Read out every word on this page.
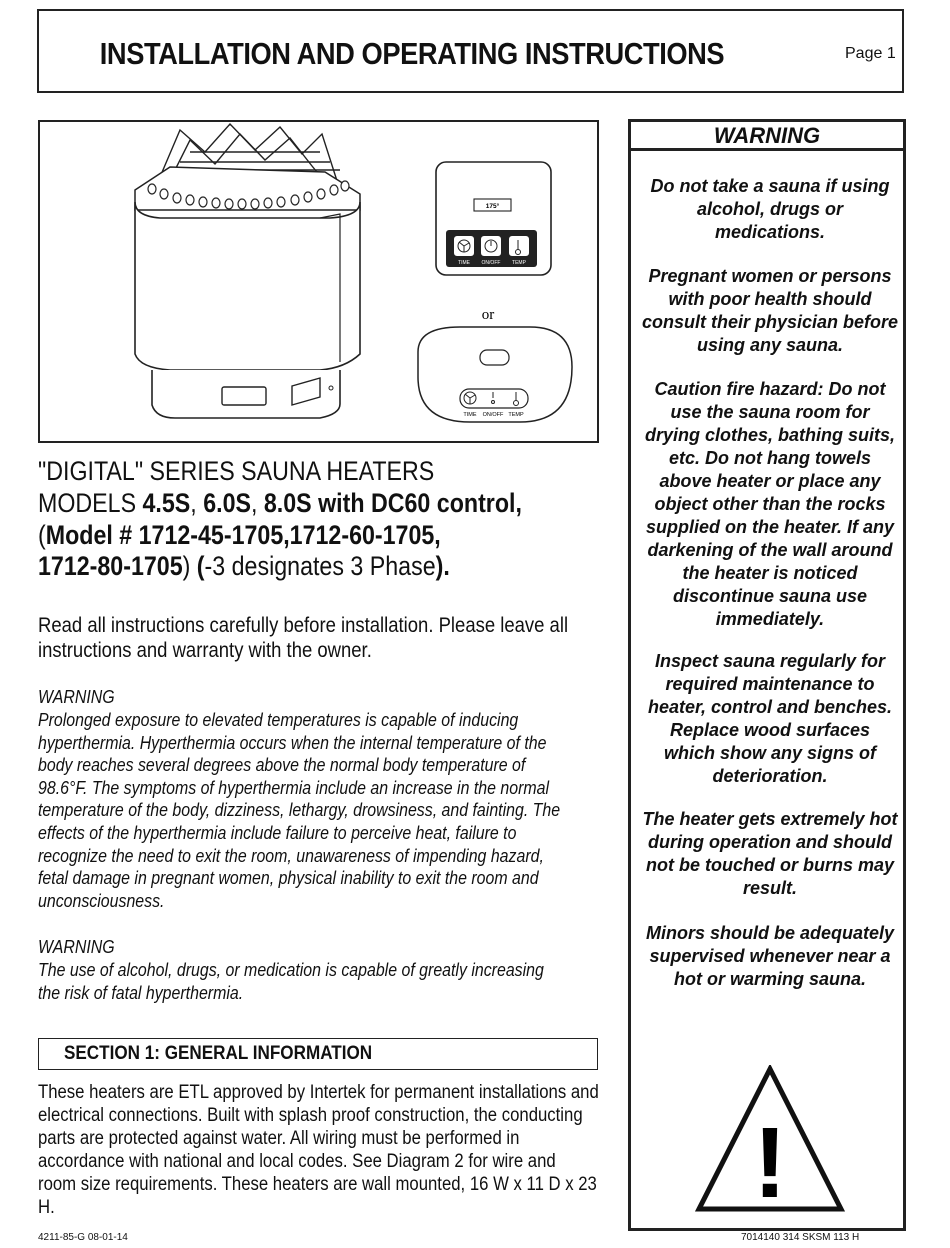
INSTALLATION AND OPERATING INSTRUCTIONS	Page 1
175°
TIME ON/OFF TEMP
or
TIME ON/OFF TEMP
WARNING
Do not take a sauna if using
alcohol, drugs or
medications.
Pregnant women or persons
with poor health should
consult their physician before
using any sauna.
Caution fire hazard: Do not
use the sauna room for
drying clothes, bathing suits,
etc. Do not hang towels
above heater or place any
object other than the rocks
supplied on the heater. If any
darkening of the wall around
the heater is noticed
discontinue sauna use
immediately.
Inspect sauna regularly for
required maintenance to
heater, control and benches.
Replace wood surfaces
which show any signs of
deterioration.
The heater gets extremely hot
during operation and should
not be touched or burns may
result.
Minors should be adequately
supervised whenever near a
hot or warming sauna.
!
"DIGITAL" SERIES SAUNA HEATERS
MODELS 4.5S, 6.0S, 8.0S with DC60 control,
(Model # 1712-45-1705,1712-60-1705,
1712-80-1705) (-3 designates 3 Phase).
Read all instructions carefully before installation. Please leave all
instructions and warranty with the owner.
WARNING
Prolonged exposure to elevated temperatures is capable of inducing
hyperthermia. Hyperthermia occurs when the internal temperature of the
body reaches several degrees above the normal body temperature of
98.6°F. The symptoms of hyperthermia include an increase in the normal
temperature of the body, dizziness, lethargy, drowsiness, and fainting. The
effects of the hyperthermia include failure to perceive heat, failure to
recognize the need to exit the room, unawareness of impending hazard,
fetal damage in pregnant women, physical inability to exit the room and
unconsciousness.
WARNING
The use of alcohol, drugs, or medication is capable of greatly increasing
the risk of fatal hyperthermia.
SECTION 1: GENERAL INFORMATION
These heaters are ETL approved by Intertek for permanent installations and
electrical connections. Built with splash proof construction, the conducting
parts are protected against water. All wiring must be performed in
accordance with national and local codes. See Diagram 2 for wire and
room size requirements. These heaters are wall mounted, 16 W x 11 D x 23
H.
4211-85-G 08-01-14	7014140 314 SKSM 113 H
